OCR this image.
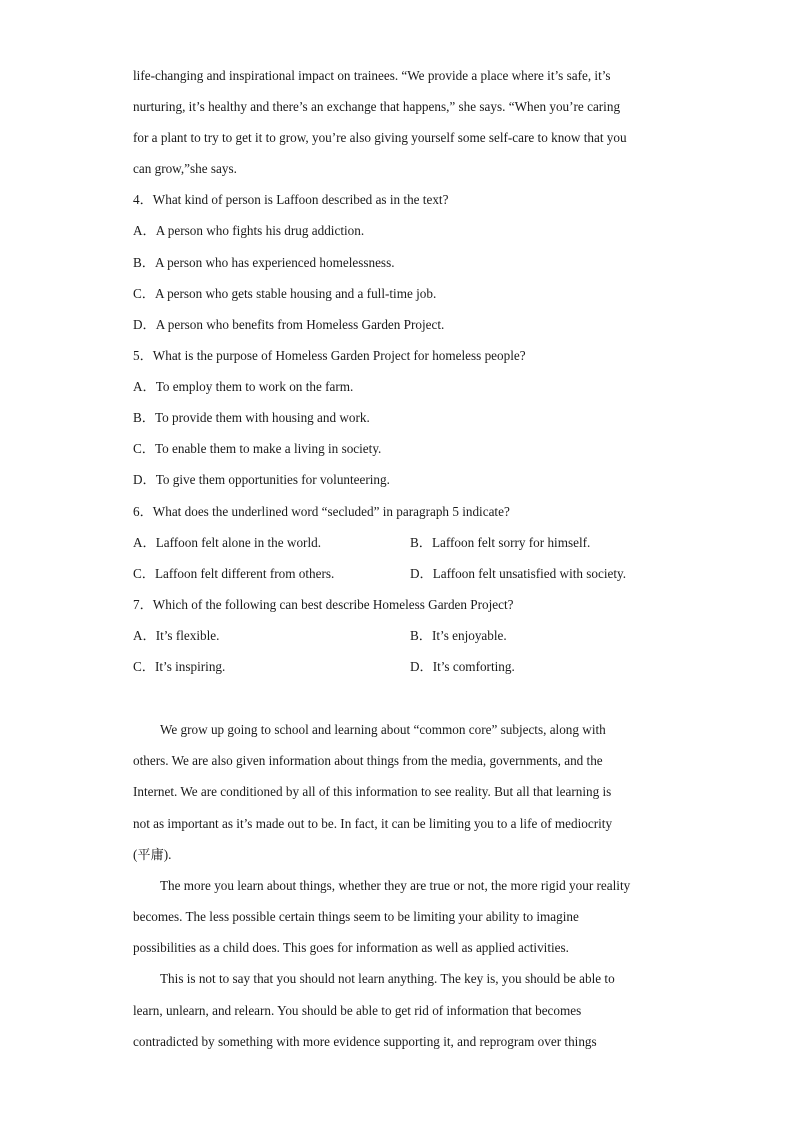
life-changing and inspirational impact on trainees. “We provide a place where it’s safe, it’s
nurturing, it’s healthy and there’s an exchange that happens,” she says. “When you’re caring
for a plant to try to get it to grow, you’re also giving yourself some self-care to know that you
can grow,”she says.
4．What kind of person is Laffoon described as in the text?
A．A person who fights his drug addiction.
B．A person who has experienced homelessness.
C．A person who gets stable housing and a full-time job.
D．A person who benefits from Homeless Garden Project.
5．What is the purpose of Homeless Garden Project for homeless people?
A．To employ them to work on the farm.
B．To provide them with housing and work.
C．To enable them to make a living in society.
D．To give them opportunities for volunteering.
6．What does the underlined word “secluded” in paragraph 5 indicate?
A．Laffoon felt alone in the world.	B．Laffoon felt sorry for himself.
C．Laffoon felt different from others.	D．Laffoon felt unsatisfied with society.
7．Which of the following can best describe Homeless Garden Project?
A．It’s flexible.	B．It’s enjoyable.
C．It’s inspiring.	D．It’s comforting.
We grow up going to school and learning about “common core” subjects, along with
others. We are also given information about things from the media, governments, and the
Internet. We are conditioned by all of this information to see reality. But all that learning is
not as important as it’s made out to be. In fact, it can be limiting you to a life of mediocrity
(平庸).
The more you learn about things, whether they are true or not, the more rigid your reality
becomes. The less possible certain things seem to be limiting your ability to imagine
possibilities as a child does. This goes for information as well as applied activities.
This is not to say that you should not learn anything. The key is, you should be able to
learn, unlearn, and relearn. You should be able to get rid of information that becomes
contradicted by something with more evidence supporting it, and reprogram over things
